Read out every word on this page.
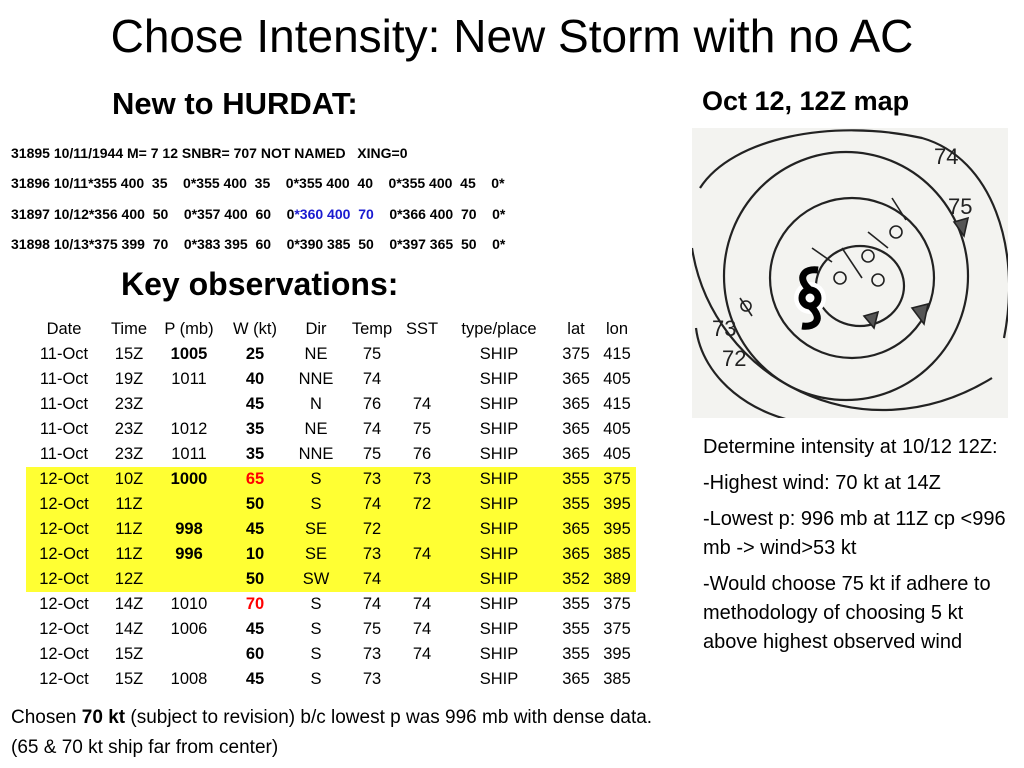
Chose Intensity: New Storm with no AC
New to HURDAT:	Oct 12, 12Z map
31895 10/11/1944 M= 7 12 SNBR= 707 NOT NAMED   XING=0
31896 10/11*355 400  35    0*355 400  35    0*355 400  40    0*355 400  45    0*
31897 10/12*356 400  50    0*357 400  60    0*360 400  70    0*366 400  70    0*
31898 10/13*375 399  70    0*383 395  60    0*390 385  50    0*397 365  50    0*
Key observations:
Date	Time	P (mb)	W (kt)	Dir	Temp	SST	type/place	lat	lon
11-Oct	15Z	1005	25	NE	75		SHIP	375	415
11-Oct	19Z	1011	40	NNE	74		SHIP	365	405
11-Oct	23Z		45	N	76	74	SHIP	365	415
11-Oct	23Z	1012	35	NE	74	75	SHIP	365	405
11-Oct	23Z	1011	35	NNE	75	76	SHIP	365	405
12-Oct	10Z	1000	65	S	73	73	SHIP	355	375
12-Oct	11Z		50	S	74	72	SHIP	355	395
12-Oct	11Z	998	45	SE	72		SHIP	365	395
12-Oct	11Z	996	10	SE	73	74	SHIP	365	385
12-Oct	12Z		50	SW	74		SHIP	352	389
12-Oct	14Z	1010	70	S	74	74	SHIP	355	375
12-Oct	14Z	1006	45	S	75	74	SHIP	355	375
12-Oct	15Z		60	S	73	74	SHIP	355	395
12-Oct	15Z	1008	45	S	73		SHIP	365	385
Chosen 70 kt (subject to revision) b/c lowest p was 996 mb with dense data. (65 & 70 kt ship far from center)
73
72
74
75

Determine intensity at 10/12 12Z:

-Highest wind: 70 kt at 14Z

-Lowest p: 996 mb at 11Z cp <996 mb -> wind>53 kt

-Would choose 75 kt if adhere to methodology of choosing 5 kt above highest observed wind
